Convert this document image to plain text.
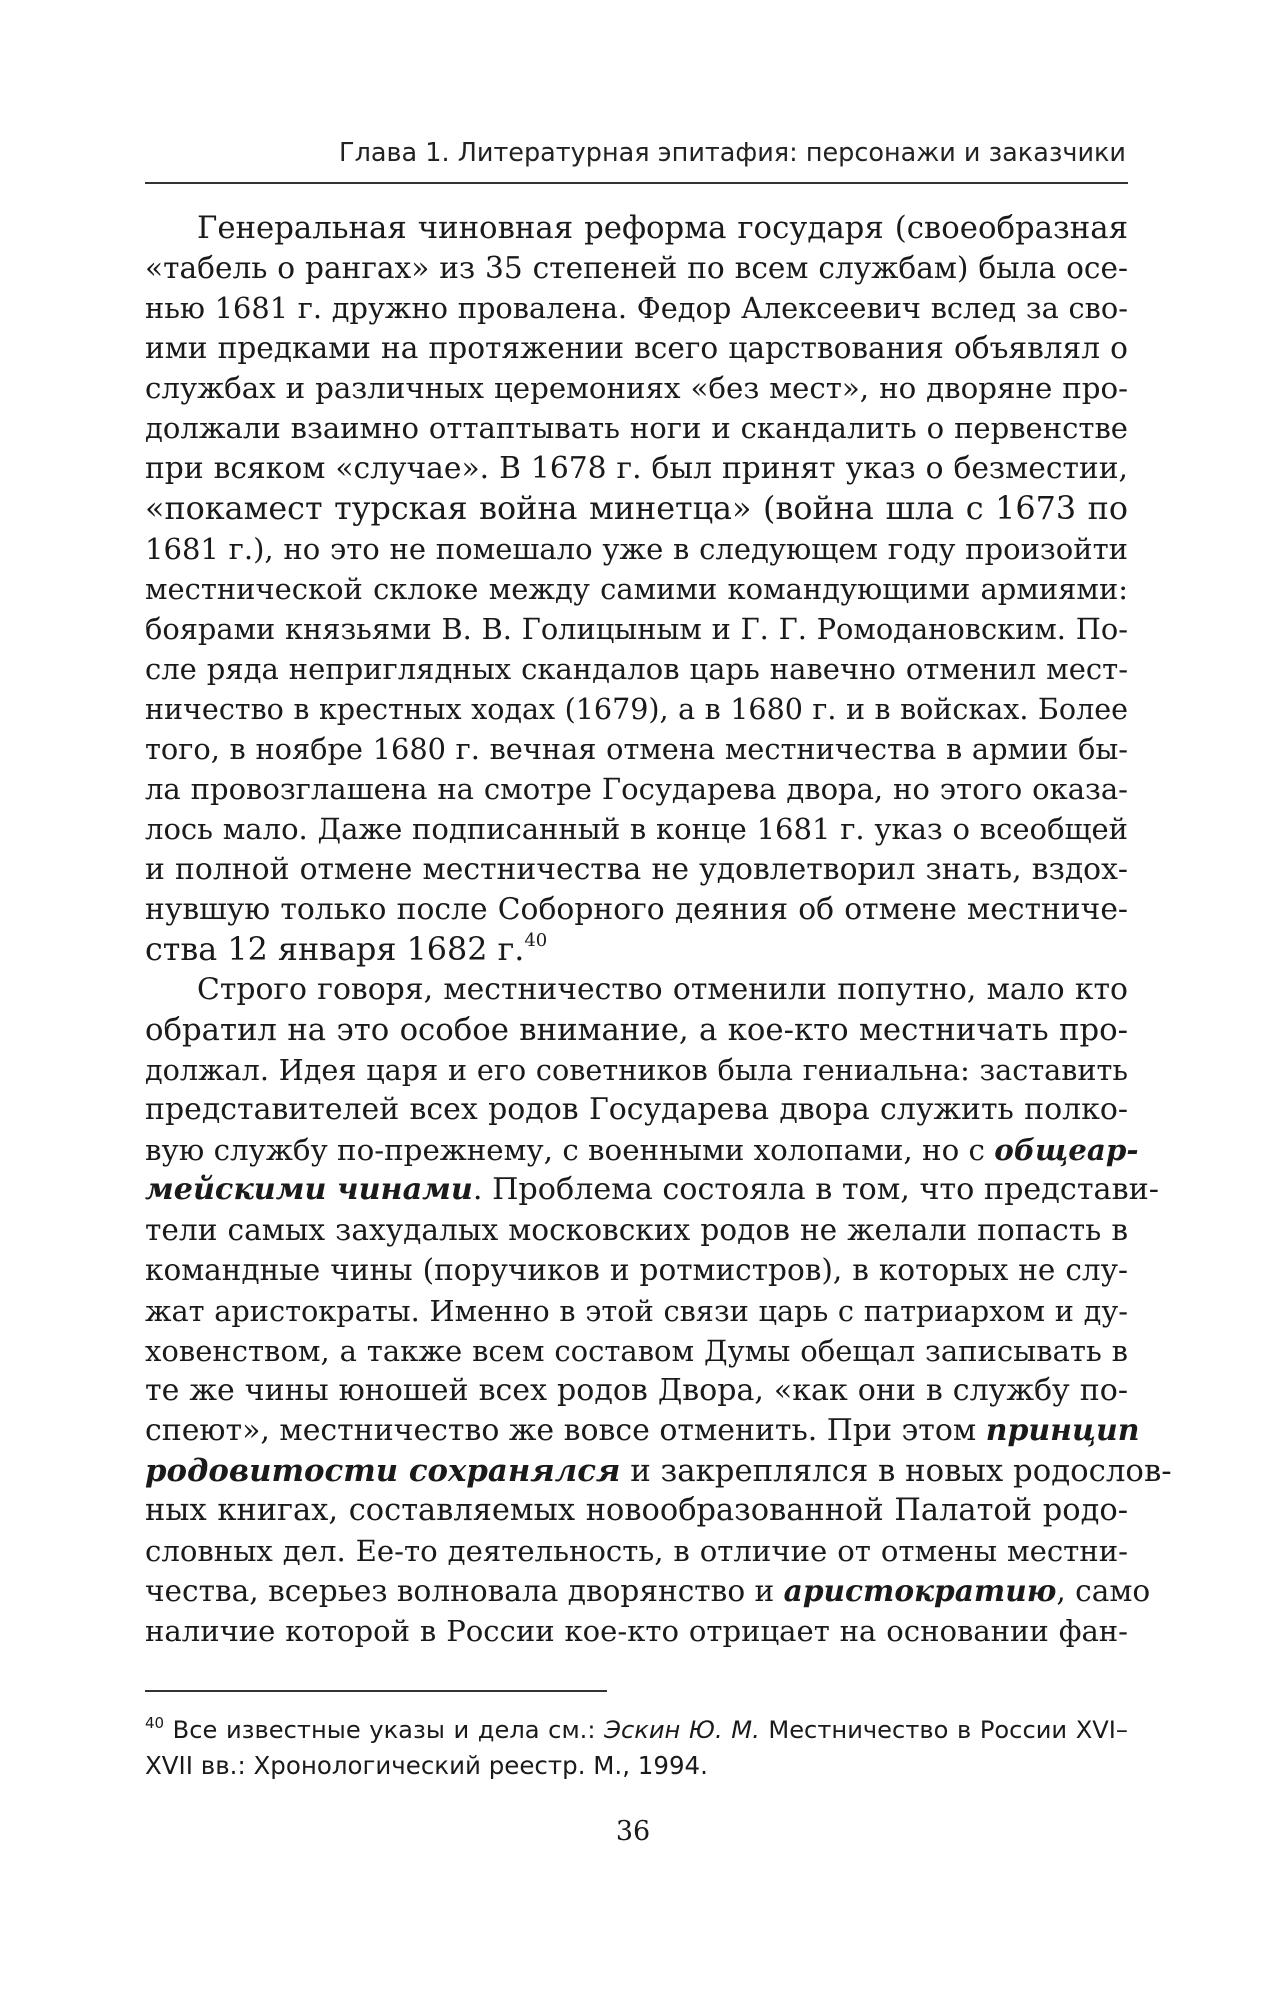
Глава 1. Литературная эпитафия: персонажи и заказчики
Генеральная чиновная реформа государя (своеобразная
«табель о рангах» из 35 степеней по всем службам) была осе-
нью 1681 г. дружно провалена. Федор Алексеевич вслед за сво-
ими предками на протяжении всего царствования объявлял о
службах и различных церемониях «без мест», но дворяне про-
должали взаимно оттаптывать ноги и скандалить о первенстве
при всяком «случае». В 1678 г. был принят указ о безместии,
«покамест турская война минетца» (война шла с 1673 по
1681 г.), но это не помешало уже в следующем году произойти
местнической склоке между самими командующими армиями:
боярами князьями В. В. Голицыным и Г. Г. Ромодановским. По-
сле ряда неприглядных скандалов царь навечно отменил мест-
ничество в крестных ходах (1679), а в 1680 г. и в войсках. Более
того, в ноябре 1680 г. вечная отмена местничества в армии бы-
ла провозглашена на смотре Государева двора, но этого оказа-
лось мало. Даже подписанный в конце 1681 г. указ о всеобщей
и полной отмене местничества не удовлетворил знать, вздох-
нувшую только после Соборного деяния об отмене местниче-
ства 12 января 1682 г.$^{40}$
Строго говоря, местничество отменили попутно, мало кто
обратил на это особое внимание, а кое-кто местничать про-
должал. Идея царя и его советников была гениальна: заставить
представителей всех родов Государева двора служить полко-
вую службу по-прежнему, с военными холопами, но с общеар-
мейскими чинами. Проблема состояла в том, что представи-
тели самых захудалых московских родов не желали попасть в
командные чины (поручиков и ротмистров), в которых не слу-
жат аристократы. Именно в этой связи царь с патриархом и ду-
ховенством, а также всем составом Думы обещал записывать в
те же чины юношей всех родов Двора, «как они в службу по-
спеют», местничество же вовсе отменить. При этом принцип
родовитости сохранялся и закреплялся в новых родослов-
ных книгах, составляемых новообразованной Палатой родо-
словных дел. Ее-то деятельность, в отличие от отмены местни-
чества, всерьез волновала дворянство и аристократию, само
наличие которой в России кое-кто отрицает на основании фан-
$^{40}$ Все известные указы и дела см.: Эскин Ю. М. Местничество в России XVI–
XVII вв.: Хронологический реестр. М., 1994.
36
